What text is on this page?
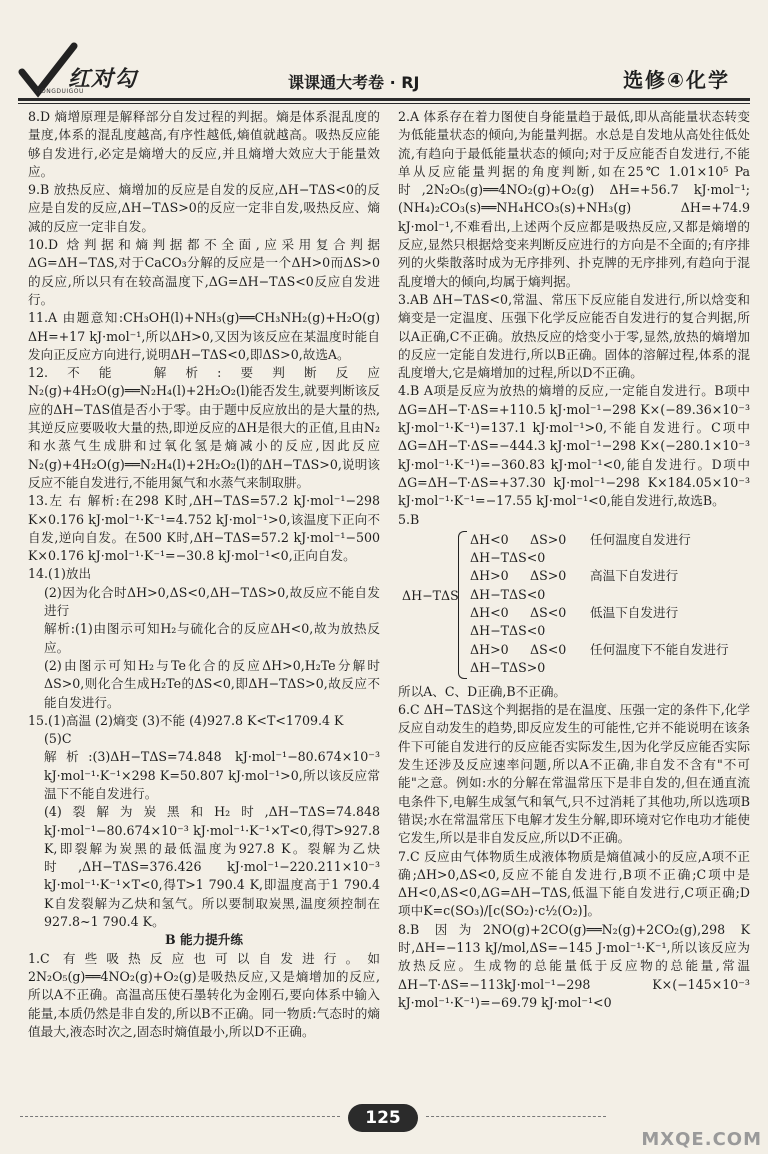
红对勾
HONGDUIGOU	课课通大考卷 · RJ	选修④化学

8.D 熵增原理是解释部分自发过程的判据。熵是体系混乱度的量度,体系的混乱度越高,有序性越低,熵值就越高。吸热反应能够自发进行,必定是熵增大的反应,并且熵增大效应大于能量效应。

9.B 放热反应、熵增加的反应是自发的反应,ΔH−TΔS<0的反应是自发的反应,ΔH−TΔS>0的反应一定非自发,吸热反应、熵减的反应一定非自发。

10.D 焓判据和熵判据都不全面,应采用复合判据ΔG=ΔH−TΔS,对于CaCO₃分解的反应是一个ΔH>0而ΔS>0的反应,所以只有在较高温度下,ΔG=ΔH−TΔS<0反应自发进行。

11.A 由题意知:CH₃OH(l)+NH₃(g)══CH₃NH₂(g)+H₂O(g) ΔH=+17 kJ·mol⁻¹,所以ΔH>0,又因为该反应在某温度时能自发向正反应方向进行,说明ΔH−TΔS<0,即ΔS>0,故选A。

12.不能 解析:要判断反应N₂(g)+4H₂O(g)══N₂H₄(l)+2H₂O₂(l)能否发生,就要判断该反应的ΔH−TΔS值是否小于零。由于题中反应放出的是大量的热,其逆反应要吸收大量的热,即逆反应的ΔH是很大的正值,且由N₂和水蒸气生成肼和过氧化氢是熵减小的反应,因此反应N₂(g)+4H₂O(g)══N₂H₄(l)+2H₂O₂(l)的ΔH−TΔS>0,说明该反应不能自发进行,不能用氮气和水蒸气来制取肼。

13.左 右 解析:在298 K时,ΔH−TΔS=57.2 kJ·mol⁻¹−298 K×0.176 kJ·mol⁻¹·K⁻¹=4.752 kJ·mol⁻¹>0,该温度下正向不自发,逆向自发。在500 K时,ΔH−TΔS=57.2 kJ·mol⁻¹−500 K×0.176 kJ·mol⁻¹·K⁻¹=−30.8 kJ·mol⁻¹<0,正向自发。

14.(1)放出

(2)因为化合时ΔH>0,ΔS<0,ΔH−TΔS>0,故反应不能自发进行

解析:(1)由图示可知H₂与硫化合的反应ΔH<0,故为放热反应。

(2)由图示可知H₂与Te化合的反应ΔH>0,H₂Te分解时ΔS>0,则化合生成H₂Te的ΔS<0,即ΔH−TΔS>0,故反应不能自发进行。

15.(1)高温 (2)熵变 (3)不能 (4)927.8 K<T<1709.4 K

(5)C

解析:(3)ΔH−TΔS=74.848 kJ·mol⁻¹−80.674×10⁻³ kJ·mol⁻¹·K⁻¹×298 K=50.807 kJ·mol⁻¹>0,所以该反应常温下不能自发进行。

(4)裂解为炭黑和H₂时,ΔH−TΔS=74.848 kJ·mol⁻¹−80.674×10⁻³ kJ·mol⁻¹·K⁻¹×T<0,得T>927.8 K,即裂解为炭黑的最低温度为927.8 K。裂解为乙炔时,ΔH−TΔS=376.426 kJ·mol⁻¹−220.211×10⁻³ kJ·mol⁻¹·K⁻¹×T<0,得T>1 790.4 K,即温度高于1 790.4 K自发裂解为乙炔和氢气。所以要制取炭黑,温度须控制在927.8~1 790.4 K。

B 能力提升练

1.C 有些吸热反应也可以自发进行。如2N₂O₅(g)══4NO₂(g)+O₂(g)是吸热反应,又是熵增加的反应,所以A不正确。高温高压使石墨转化为金刚石,要向体系中输入能量,本质仍然是非自发的,所以B不正确。同一物质:气态时的熵值最大,液态时次之,固态时熵值最小,所以D不正确。

2.A 体系存在着力图使自身能量趋于最低,即从高能量状态转变为低能量状态的倾向,为能量判据。水总是自发地从高处往低处流,有趋向于最低能量状态的倾向;对于反应能否自发进行,不能单从反应能量判据的角度判断,如在25℃ 1.01×10⁵ Pa时,2N₂O₅(g)══4NO₂(g)+O₂(g) ΔH=+56.7 kJ·mol⁻¹;(NH₄)₂CO₃(s)══NH₄HCO₃(s)+NH₃(g) ΔH=+74.9 kJ·mol⁻¹,不难看出,上述两个反应都是吸热反应,又都是熵增的反应,显然只根据焓变来判断反应进行的方向是不全面的;有序排列的火柴散落时成为无序排列、扑克牌的无序排列,有趋向于混乱度增大的倾向,均属于熵判据。

3.AB ΔH−TΔS<0,常温、常压下反应能自发进行,所以焓变和熵变是一定温度、压强下化学反应能否自发进行的复合判据,所以A正确,C不正确。放热反应的焓变小于零,显然,放热的熵增加的反应一定能自发进行,所以B正确。固体的溶解过程,体系的混乱度增大,它是熵增加的过程,所以D不正确。

4.B A项是反应为放热的熵增的反应,一定能自发进行。B项中ΔG=ΔH−T·ΔS=+110.5 kJ·mol⁻¹−298 K×(−89.36×10⁻³ kJ·mol⁻¹·K⁻¹)=137.1 kJ·mol⁻¹>0,不能自发进行。C项中ΔG=ΔH−T·ΔS=−444.3 kJ·mol⁻¹−298 K×(−280.1×10⁻³ kJ·mol⁻¹·K⁻¹)=−360.83 kJ·mol⁻¹<0,能自发进行。D项中ΔG=ΔH−T·ΔS=+37.30 kJ·mol⁻¹−298 K×184.05×10⁻³ kJ·mol⁻¹·K⁻¹=−17.55 kJ·mol⁻¹<0,能自发进行,故选B。

5.B

ΔH−TΔS
ΔH<0 ΔS>0 任何温度自发进行
ΔH−TΔS<0
ΔH>0 ΔS>0 高温下自发进行
ΔH−TΔS<0
ΔH<0 ΔS<0 低温下自发进行
ΔH−TΔS<0
ΔH>0 ΔS<0 任何温度下不能自发进行
ΔH−TΔS>0

所以A、C、D正确,B不正确。

6.C ΔH−TΔS这个判据指的是在温度、压强一定的条件下,化学反应自动发生的趋势,即反应发生的可能性,它并不能说明在该条件下可能自发进行的反应能否实际发生,因为化学反应能否实际发生还涉及反应速率问题,所以A不正确,非自发不含有"不可能"之意。例如:水的分解在常温常压下是非自发的,但在通直流电条件下,电解生成氢气和氧气,只不过消耗了其他功,所以选项B错误;水在常温常压下电解才发生分解,即环境对它作电功才能使它发生,所以是非自发反应,所以D不正确。

7.C 反应由气体物质生成液体物质是熵值减小的反应,A项不正确;ΔH>0,ΔS<0,反应不能自发进行,B项不正确;C项中是ΔH<0,ΔS<0,ΔG=ΔH−TΔS,低温下能自发进行,C项正确;D项中K=c(SO₃)/[c(SO₂)·c½(O₂)]。

8.B 因为2NO(g)+2CO(g)══N₂(g)+2CO₂(g),298 K时,ΔH=−113 kJ/mol,ΔS=−145 J·mol⁻¹·K⁻¹,所以该反应为放热反应。生成物的总能量低于反应物的总能量,常温ΔH−T·ΔS=−113kJ·mol⁻¹−298 K×(−145×10⁻³ kJ·mol⁻¹·K⁻¹)=−69.79 kJ·mol⁻¹<0

125
MXQE.COM
